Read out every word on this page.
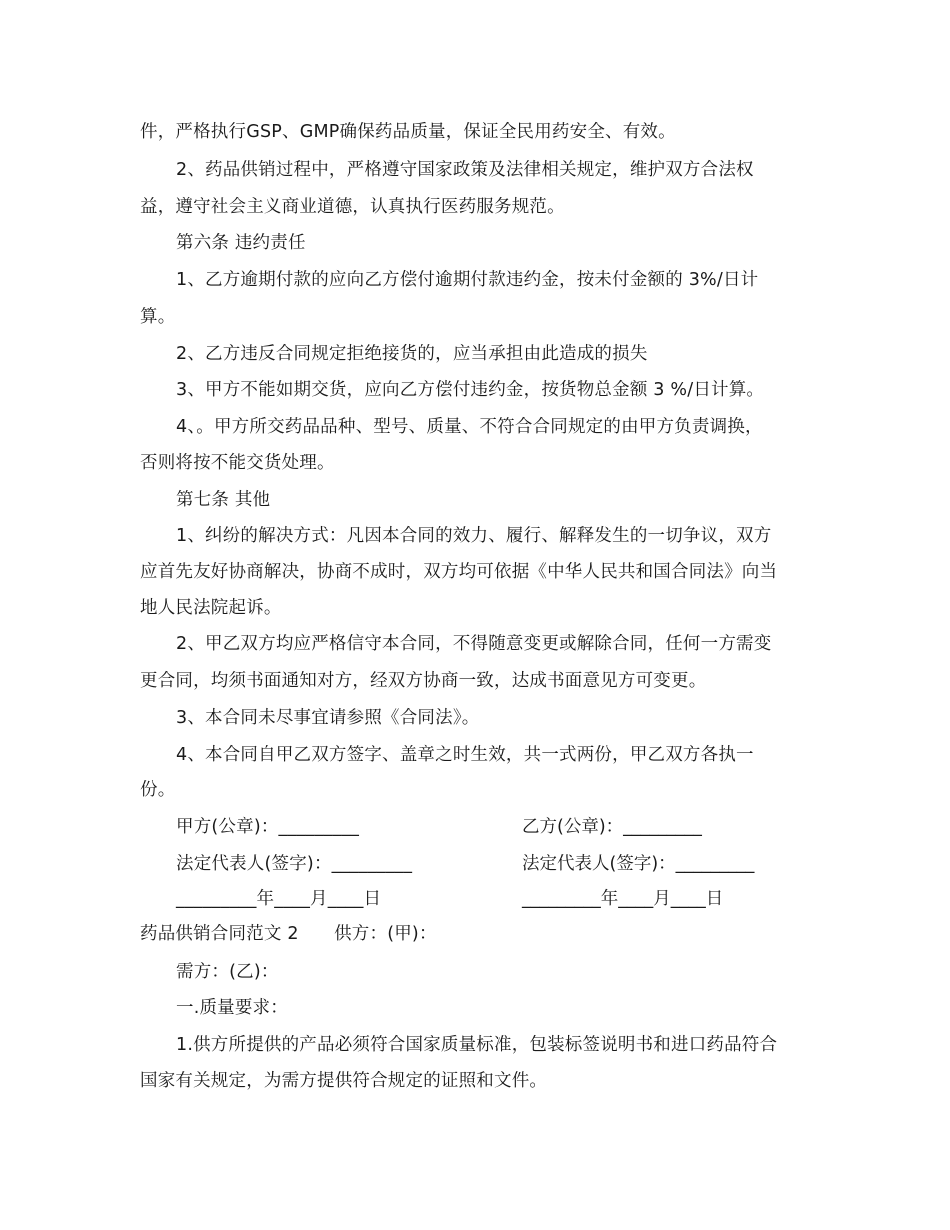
件，严格执行GSP、GMP确保药品质量，保证全民用药安全、有效。
2、药品供销过程中，严格遵守国家政策及法律相关规定，维护双方合法权
益，遵守社会主义商业道德，认真执行医药服务规范。
第六条 违约责任
1、乙方逾期付款的应向乙方偿付逾期付款违约金，按未付金额的 3%/日计
算。
2、乙方违反合同规定拒绝接货的，应当承担由此造成的损失
3、甲方不能如期交货，应向乙方偿付违约金，按货物总金额 3 %/日计算。
4、。甲方所交药品品种、型号、质量、不符合合同规定的由甲方负责调换，
否则将按不能交货处理。
第七条 其他
1、纠纷的解决方式：凡因本合同的效力、履行、解释发生的一切争议，双方
应首先友好协商解决，协商不成时，双方均可依据《中华人民共和国合同法》向当
地人民法院起诉。
2、甲乙双方均应严格信守本合同，不得随意变更或解除合同，任何一方需变
更合同，均须书面通知对方，经双方协商一致，达成书面意见方可变更。
3、本合同未尽事宜请参照《合同法》。
4、本合同自甲乙双方签字、盖章之时生效，共一式两份，甲乙双方各执一
份。
甲方(公章)：_________	乙方(公章)：_________
法定代表人(签字)：_________	法定代表人(签字)：_________
_________年____月____日	_________年____月____日
药品供销合同范文 2　　供方：(甲)：
需方：(乙)：
一.质量要求：
1.供方所提供的产品必须符合国家质量标准，包装标签说明书和进口药品符合
国家有关规定，为需方提供符合规定的证照和文件。
